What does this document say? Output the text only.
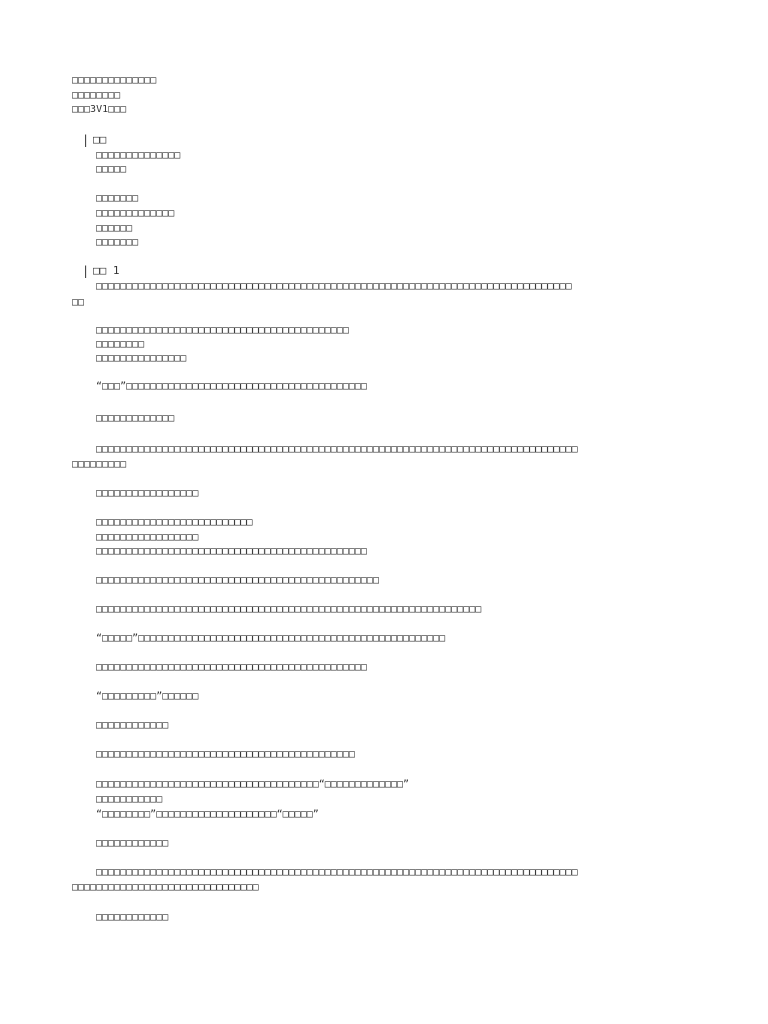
□□□□□□□□□□□□□□
□□□□□□□□
□□□3V1□□□
| □□
□□□□□□□□□□□□□□
□□□□□
□□□□□□□
□□□□□□□□□□□□□
□□□□□□
□□□□□□□
| □□ 1
□□□□□□□□□□□□□□□□□□□□□□□□□□□□□□□□□□□□□□□□□□□□□□□□□□□□□□□□□□□□□□□□□□□□□□□□□□□□□□□
□□
□□□□□□□□□□□□□□□□□□□□□□□□□□□□□□□□□□□□□□□□□□
□□□□□□□□
□□□□□□□□□□□□□□□
“□□□”□□□□□□□□□□□□□□□□□□□□□□□□□□□□□□□□□□□□□□□□
□□□□□□□□□□□□□
□□□□□□□□□□□□□□□□□□□□□□□□□□□□□□□□□□□□□□□□□□□□□□□□□□□□□□□□□□□□□□□□□□□□□□□□□□□□□□□□
□□□□□□□□□
□□□□□□□□□□□□□□□□□
□□□□□□□□□□□□□□□□□□□□□□□□□□
□□□□□□□□□□□□□□□□□
□□□□□□□□□□□□□□□□□□□□□□□□□□□□□□□□□□□□□□□□□□□□□
□□□□□□□□□□□□□□□□□□□□□□□□□□□□□□□□□□□□□□□□□□□□□□□
□□□□□□□□□□□□□□□□□□□□□□□□□□□□□□□□□□□□□□□□□□□□□□□□□□□□□□□□□□□□□□□□
“□□□□□”□□□□□□□□□□□□□□□□□□□□□□□□□□□□□□□□□□□□□□□□□□□□□□□□□□□
□□□□□□□□□□□□□□□□□□□□□□□□□□□□□□□□□□□□□□□□□□□□□
“□□□□□□□□□”□□□□□□
□□□□□□□□□□□□
□□□□□□□□□□□□□□□□□□□□□□□□□□□□□□□□□□□□□□□□□□□
□□□□□□□□□□□□□□□□□□□□□□□□□□□□□□□□□□□□□“□□□□□□□□□□□□□”
□□□□□□□□□□□
“□□□□□□□□”□□□□□□□□□□□□□□□□□□□□“□□□□□”
□□□□□□□□□□□□
□□□□□□□□□□□□□□□□□□□□□□□□□□□□□□□□□□□□□□□□□□□□□□□□□□□□□□□□□□□□□□□□□□□□□□□□□□□□□□□□
□□□□□□□□□□□□□□□□□□□□□□□□□□□□□□□
□□□□□□□□□□□□
